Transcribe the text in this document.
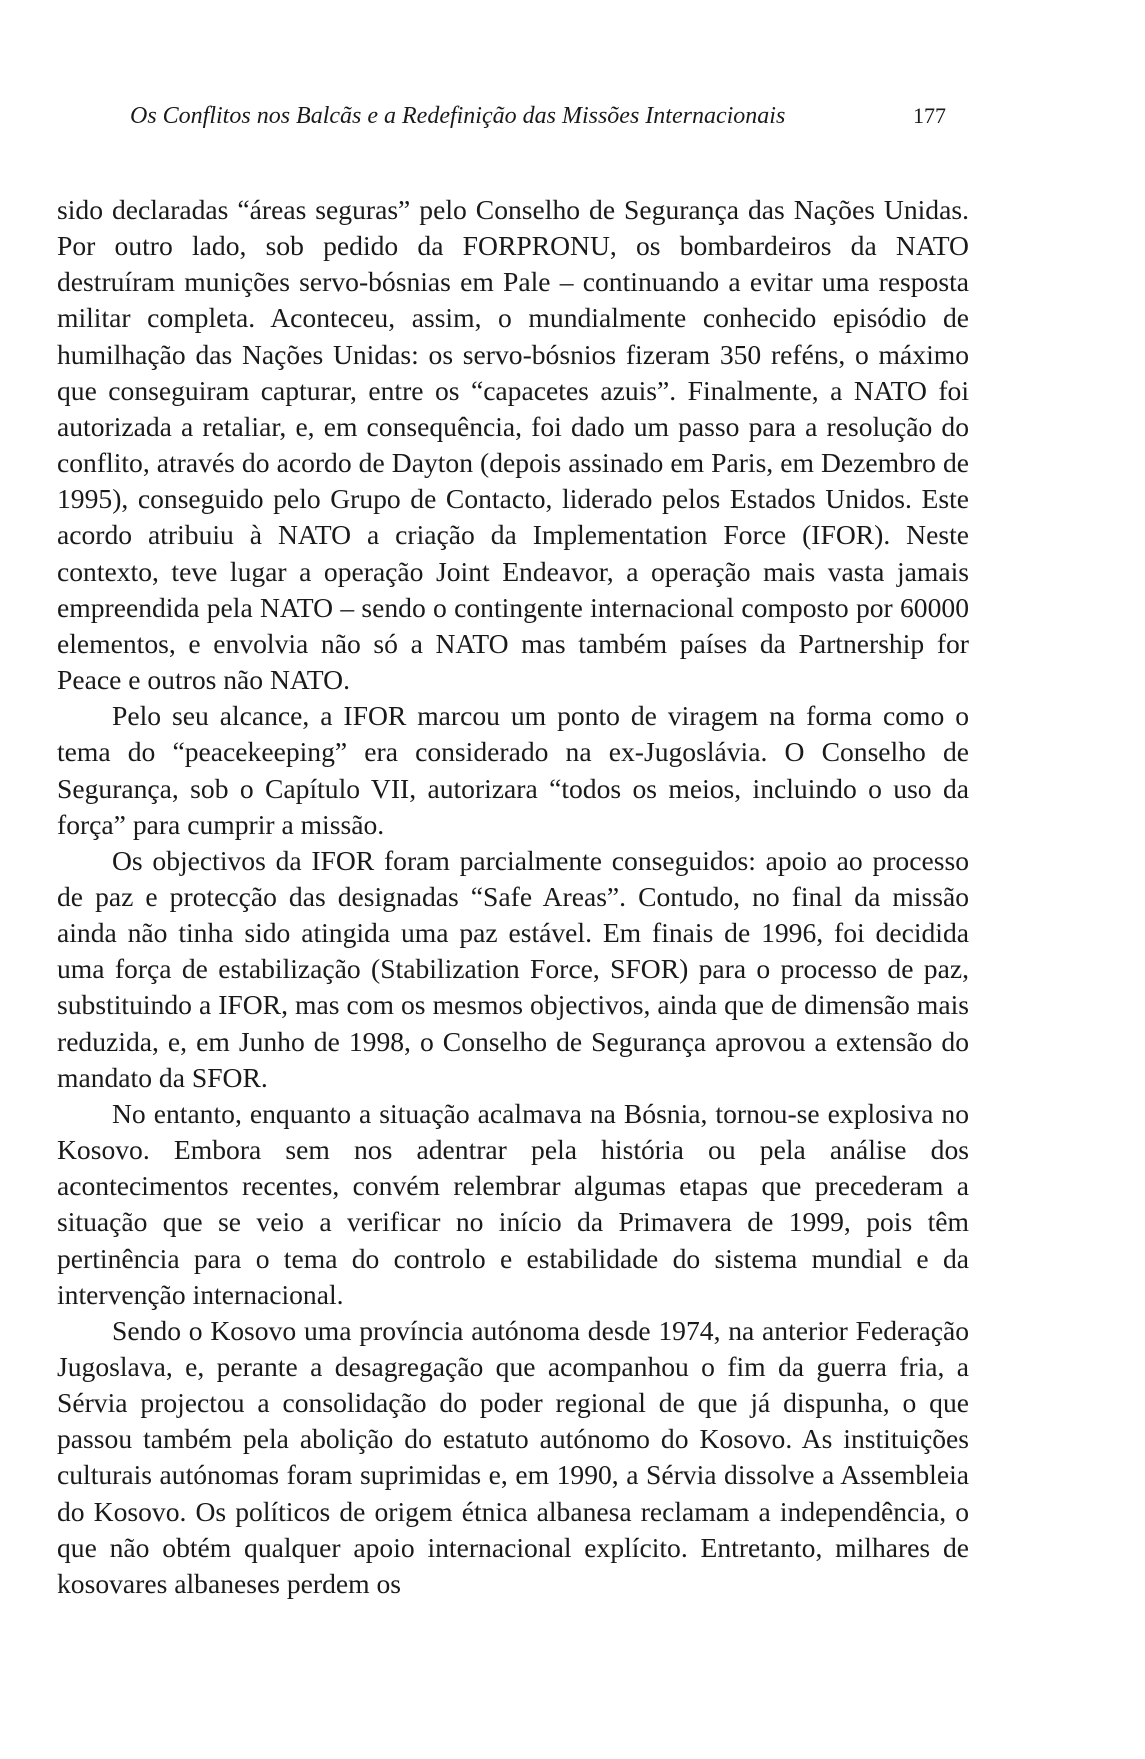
Os Conflitos nos Balcãs e a Redefinição das Missões Internacionais	177

sido declaradas “áreas seguras” pelo Conselho de Segurança das Nações Unidas. Por outro lado, sob pedido da FORPRONU, os bombardeiros da NATO destruíram munições servo-bósnias em Pale – continuando a evitar uma resposta militar completa. Aconteceu, assim, o mundialmente conhecido episódio de humilhação das Nações Unidas: os servo-bósnios fizeram 350 reféns, o máximo que conseguiram capturar, entre os “capacetes azuis”. Finalmente, a NATO foi autorizada a retaliar, e, em consequência, foi dado um passo para a resolução do conflito, através do acordo de Dayton (depois assinado em Paris, em Dezembro de 1995), conseguido pelo Grupo de Contacto, liderado pelos Estados Unidos. Este acordo atribuiu à NATO a criação da Implementation Force (IFOR). Neste contexto, teve lugar a operação Joint Endeavor, a operação mais vasta jamais empreendida pela NATO – sendo o contingente internacional composto por 60000 elementos, e envolvia não só a NATO mas também países da Partnership for Peace e outros não NATO.

Pelo seu alcance, a IFOR marcou um ponto de viragem na forma como o tema do “peacekeeping” era considerado na ex-Jugoslávia. O Conselho de Segurança, sob o Capítulo VII, autorizara “todos os meios, incluindo o uso da força” para cumprir a missão.

Os objectivos da IFOR foram parcialmente conseguidos: apoio ao processo de paz e protecção das designadas “Safe Areas”. Contudo, no final da missão ainda não tinha sido atingida uma paz estável. Em finais de 1996, foi decidida uma força de estabilização (Stabilization Force, SFOR) para o processo de paz, substituindo a IFOR, mas com os mesmos objectivos, ainda que de dimensão mais reduzida, e, em Junho de 1998, o Conselho de Segurança aprovou a extensão do mandato da SFOR.

No entanto, enquanto a situação acalmava na Bósnia, tornou-se explosiva no Kosovo. Embora sem nos adentrar pela história ou pela análise dos acontecimentos recentes, convém relembrar algumas etapas que precederam a situação que se veio a verificar no início da Primavera de 1999, pois têm pertinência para o tema do controlo e estabilidade do sistema mundial e da intervenção internacional.

Sendo o Kosovo uma província autónoma desde 1974, na anterior Federação Jugoslava, e, perante a desagregação que acompanhou o fim da guerra fria, a Sérvia projectou a consolidação do poder regional de que já dispunha, o que passou também pela abolição do estatuto autónomo do Kosovo. As instituições culturais autónomas foram suprimidas e, em 1990, a Sérvia dissolve a Assembleia do Kosovo. Os políticos de origem étnica albanesa reclamam a independência, o que não obtém qualquer apoio internacional explícito. Entretanto, milhares de kosovares albaneses perdem os
